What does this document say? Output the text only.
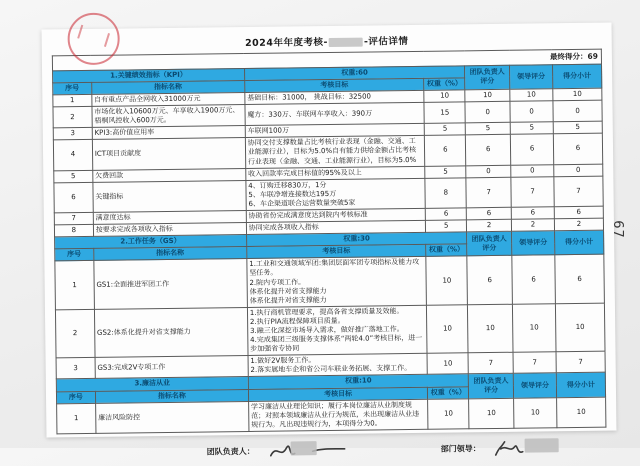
2024年年度考核-	-评估详情
最终得分：69						
1.关键绩效指标（KPI）		权重:60		团队负责人评分	领导评分	得分小计
序号	指标名称	考核目标	权重（%）			
1	自有重点产品全网收入31000万元	基础目标：31000， 挑战目标：32500	10	10	10	10
2	市场化收入10600万元、车享收入1900万元、梧桐风控收入600万元。	魔方：330万、车联网车享收入：390万	15	0	0	0
3	KPI3:高价值应用率	车联网100万	5	5	5	5
4	ICT项目贡献度	协同交付支撑数量占比考核行业表现（金融、交通、工业能源行业），目标为5.0%自有能力供给金额占比考核行业表现（金融、交通、工业能源行业），目标为5.0%	6	6	6	6
5	欠费回款	收入回款率完成目标值的95%及以上	5	0	0	0
6	关键指标	4、订购迁移830万，1分
5、车联净增连接数达195万
6、车企渠道联合运营数量突破5家	8	7	7	7
7	满意度达标	协助省份完成满意度达到院内考核标准	6	6	6	6
8	按要求完成各项收入指标	协同完成各项收入指标	5	2	2	2
2.工作任务（GS）		权重:30		团队负责人评分	领导评分	得分小计
序号	指标名称	考核目标	权重（%）			
1	GS1:全面推进军团工作	1.工业和交通领域军团:集团层面军团专项指标及能力攻坚任务。
2.院内专项工作。
体系化提升对省支撑能力
体系化提升对省支撑能力	10	6	6	6
2	GS2:体系化提升对省支撑能力	1.执行商机管理要求，提高各省支撑质量及效能。
2.执行PIA流程保障项目质量。
3.融三化深挖市场导入需求，做好推广落地工作。
4.完成集团三级服务支撑体系“两轮4.0”考核目标，进一步加强省专协同	10	10	10	10
3	GS3:完成2V专项工作	1.做好2V服务工作。
2.落实属地车企和省公司车联业务拓展、支撑工作。	10	7	7	7
3.廉洁从业		权重:10		团队负责人评分	领导评分	得分小计
序号	指标名称	考核目标	权重（%）			
1	廉洁风险防控	学习廉洁从业理论知识；履行本岗位廉洁从业制度规范；对照本领域廉洁从业行为规范，未出现廉洁从业违规行为。凡出现违规行为，本项得分为0。	10	10	10	10
团队负责人：	部门领导：
67
